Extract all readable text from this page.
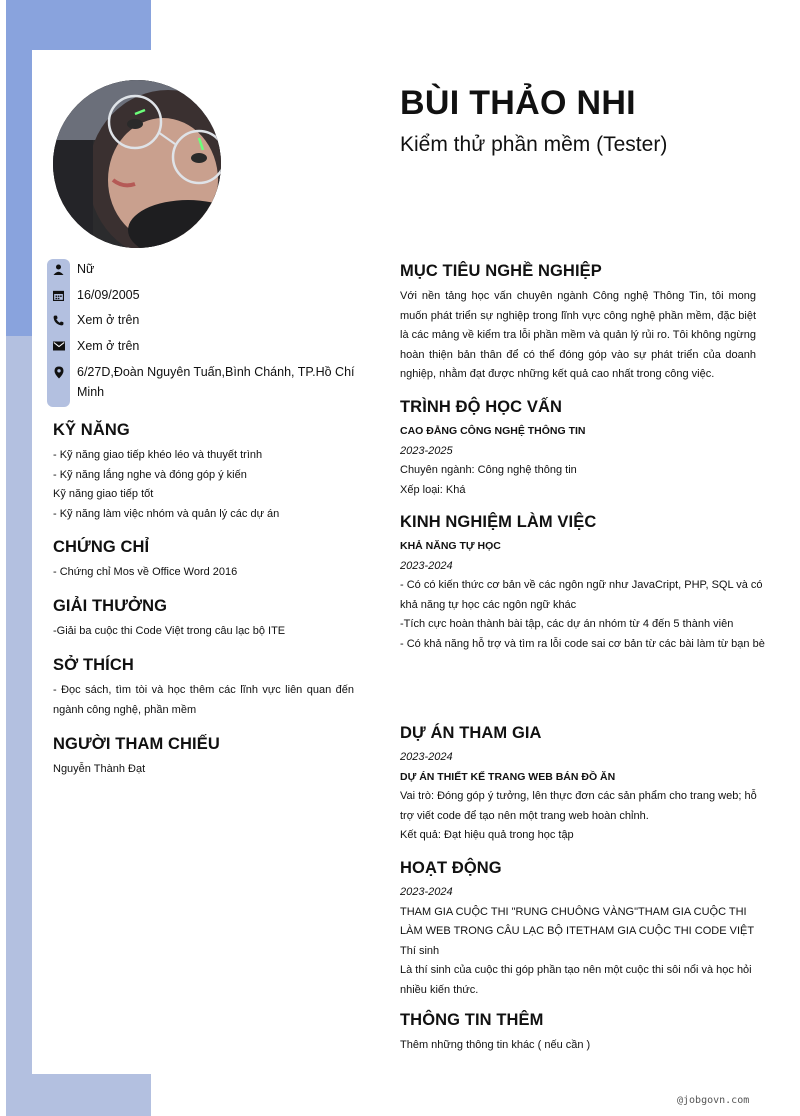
BÙI THẢO NHI
Kiểm thử phần mềm (Tester)
Nữ
16/09/2005
Xem ở trên
Xem ở trên
6/27D,Đoàn Nguyên Tuấn,Bình Chánh, TP.Hồ Chí Minh
KỸ NĂNG
- Kỹ năng giao tiếp khéo léo và thuyết trình
- Kỹ năng lắng nghe và đóng góp ý kiến
Kỹ năng giao tiếp tốt
- Kỹ năng làm việc nhóm và quản lý các dự án
CHỨNG CHỈ
- Chứng chỉ Mos về Office Word 2016
GIẢI THƯỞNG
-Giải ba cuộc thi Code Việt trong câu lạc bộ ITE
SỞ THÍCH
- Đọc sách, tìm tòi và học thêm các lĩnh vực liên quan đến ngành công nghệ, phần mềm
NGƯỜI THAM CHIẾU
Nguyễn Thành Đạt
MỤC TIÊU NGHỀ NGHIỆP
Với nền tảng học vấn chuyên ngành Công nghệ Thông Tin, tôi mong muốn phát triển sự nghiệp trong lĩnh vực công nghệ phần mềm, đặc biệt là các mảng về kiểm tra lỗi phần mềm và quản lý rủi ro. Tôi không ngừng hoàn thiện bản thân để có thể đóng góp vào sự phát triển của doanh nghiệp, nhằm đạt được những kết quả cao nhất trong công việc.
TRÌNH ĐỘ HỌC VẤN
CAO ĐẲNG CÔNG NGHỆ THÔNG TIN
2023-2025
Chuyên ngành: Công nghệ thông tin
Xếp loại: Khá
KINH NGHIỆM LÀM VIỆC
KHẢ NĂNG TỰ HỌC
2023-2024
- Có có kiến thức cơ bản về các ngôn ngữ như JavaCript, PHP, SQL và có khả năng tự học các ngôn ngữ khác
-Tích cực hoàn thành bài tập, các dự án nhóm từ 4 đến 5 thành viên
- Có khả năng hỗ trợ và tìm ra lỗi code sai cơ bản từ các bài làm từ bạn bè
DỰ ÁN THAM GIA
2023-2024
DỰ ÁN THIẾT KẾ TRANG WEB BÁN ĐỒ ĂN
Vai trò: Đóng góp ý tưởng, lên thực đơn các sản phẩm cho trang web; hỗ trợ viết code để tạo nên một trang web hoàn chỉnh.
Kết quả: Đạt hiệu quả trong học tập
HOẠT ĐỘNG
2023-2024
THAM GIA CUỘC THI "RUNG CHUÔNG VÀNG"THAM GIA CUỘC THI LÀM WEB TRONG CÂU LẠC BỘ ITETHAM GIA CUỘC THI CODE VIỆT
Thí sinh
Là thí sinh của cuộc thi góp phần tạo nên một cuộc thi sôi nổi và học hỏi nhiều kiến thức.
THÔNG TIN THÊM
Thêm những thông tin khác ( nếu cần )
@jobgovn.com
